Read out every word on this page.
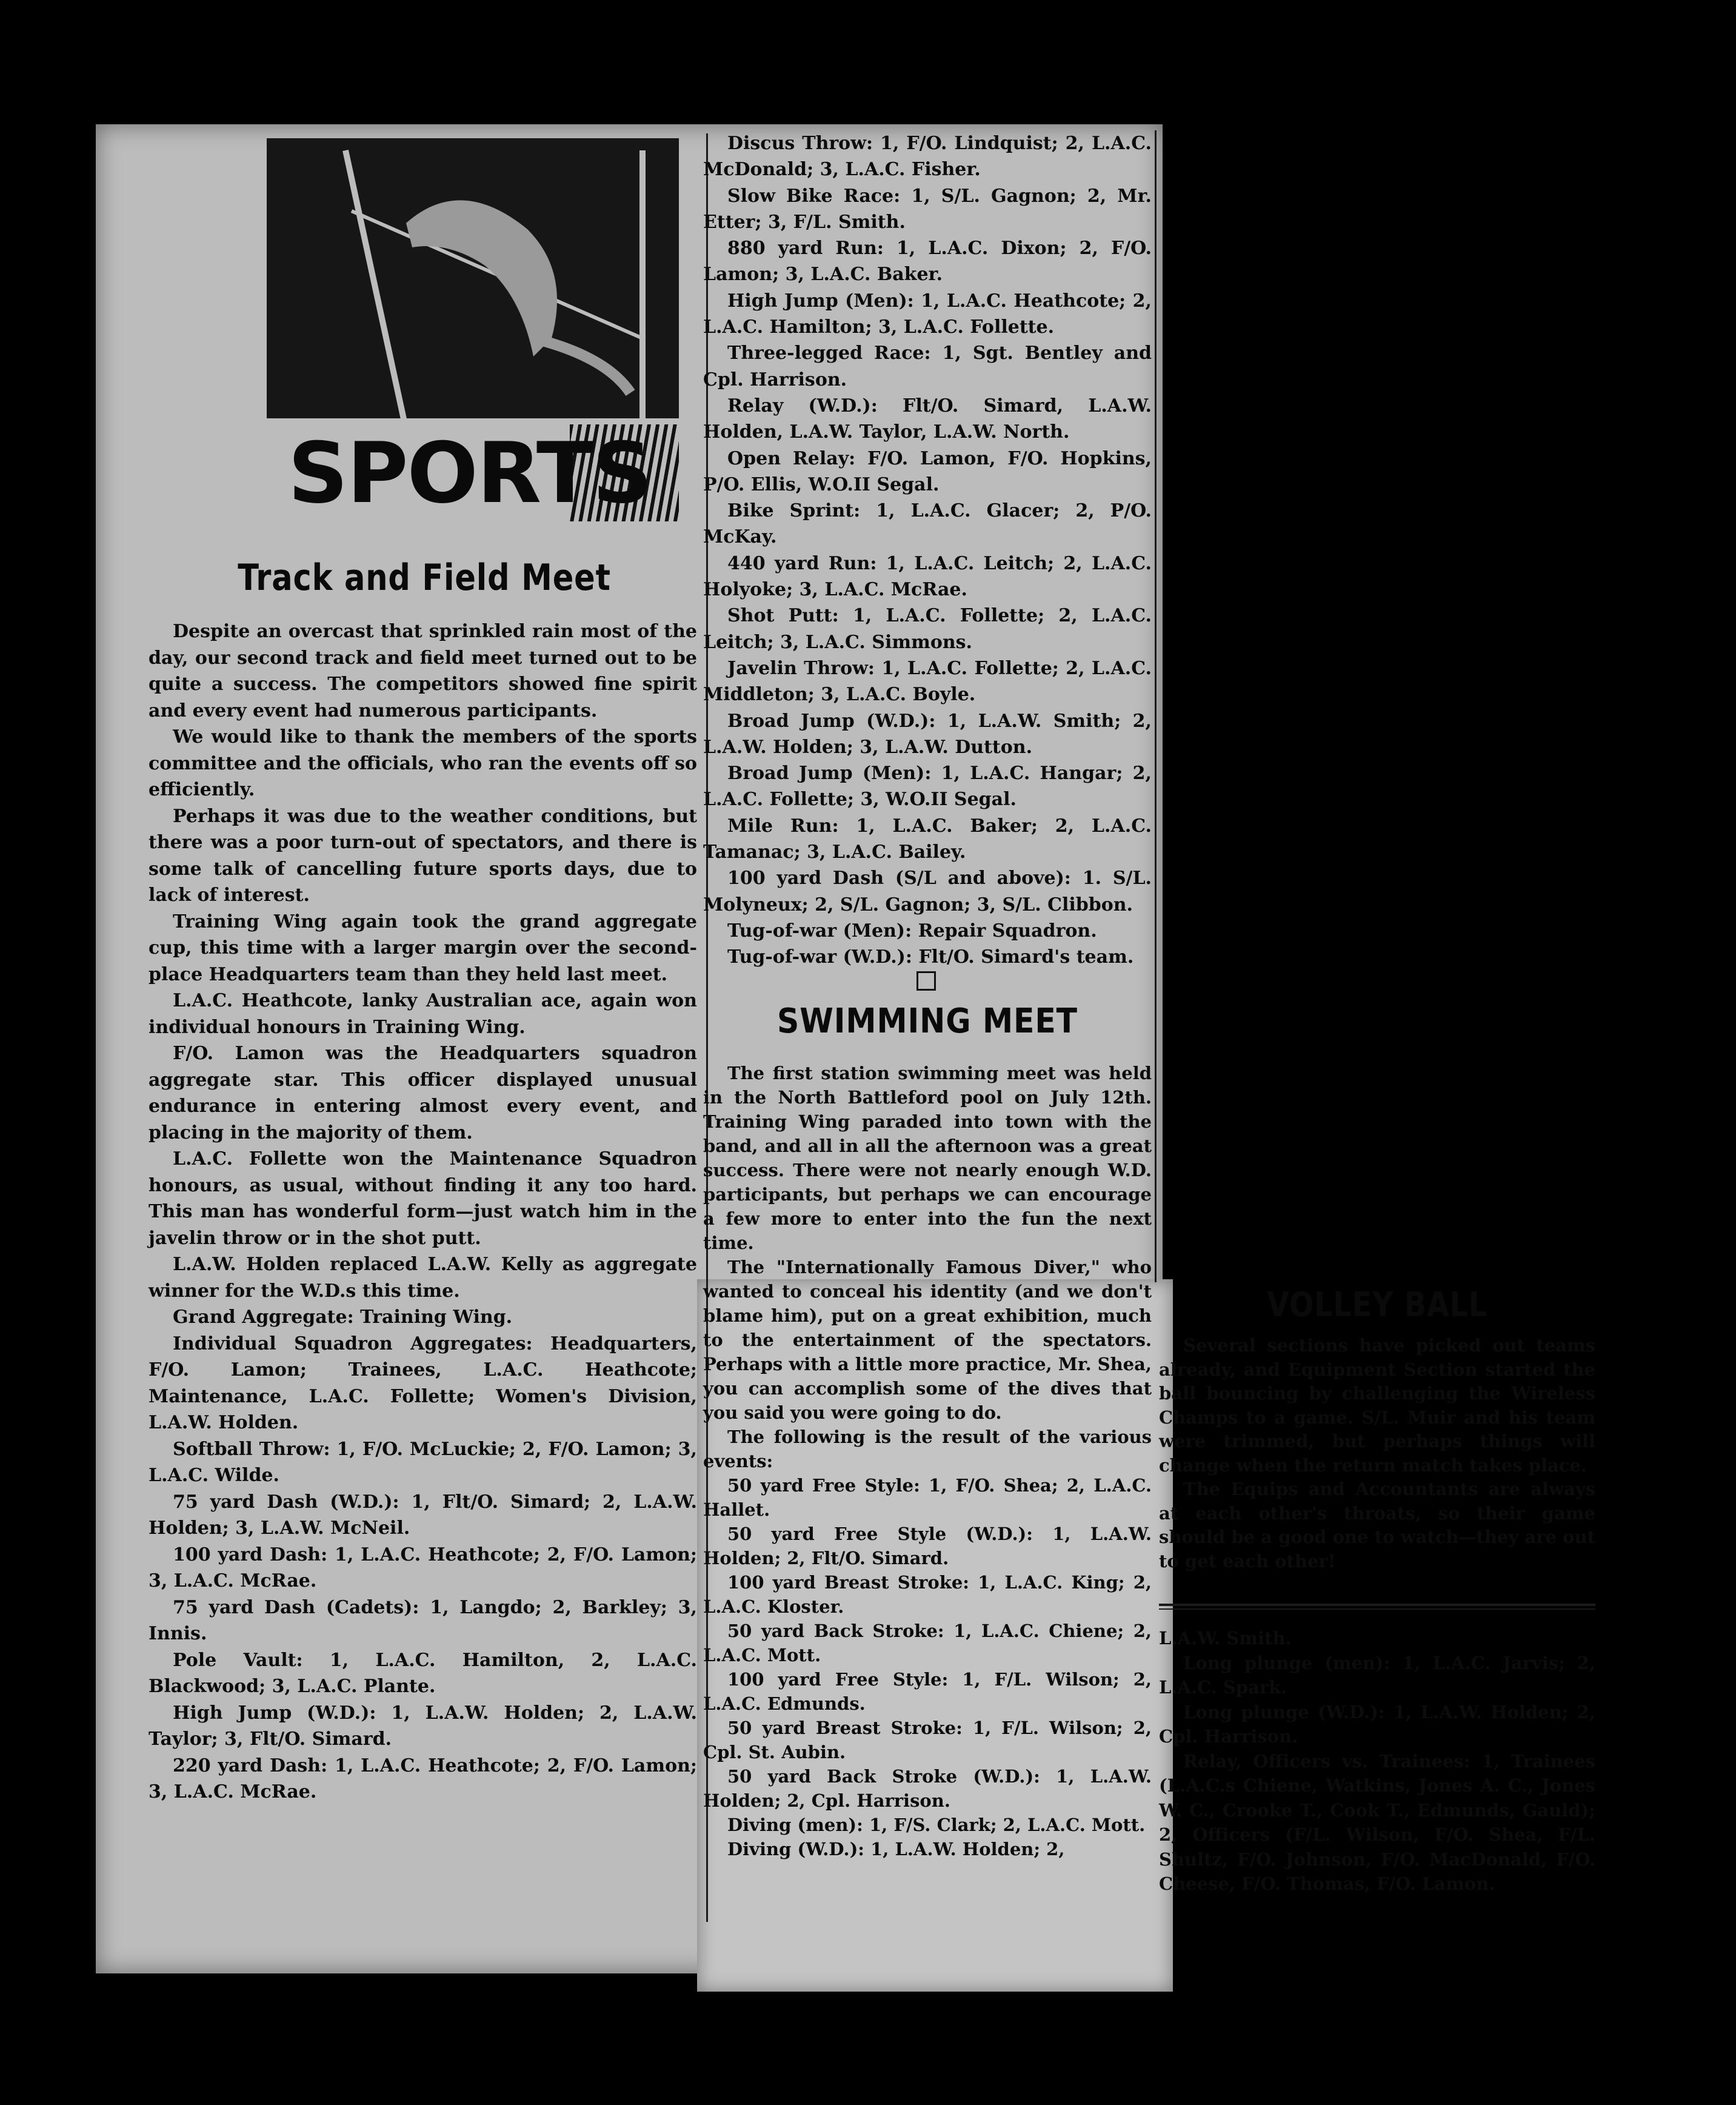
SPORTS
Track and Field Meet

Despite an overcast that sprinkled rain most of the day, our second track and field meet turned out to be quite a success. The competitors showed fine spirit and every event had numerous participants.

We would like to thank the members of the sports committee and the officials, who ran the events off so efficiently.

Perhaps it was due to the weather conditions, but there was a poor turn-out of spectators, and there is some talk of cancelling future sports days, due to lack of interest.

Training Wing again took the grand aggregate cup, this time with a larger margin over the second-place Headquarters team than they held last meet.

L.A.C. Heathcote, lanky Australian ace, again won individual honours in Training Wing.

F/O. Lamon was the Headquarters squadron aggregate star. This officer displayed unusual endurance in entering almost every event, and placing in the majority of them.

L.A.C. Follette won the Maintenance Squadron honours, as usual, without finding it any too hard. This man has wonderful form—just watch him in the javelin throw or in the shot putt.

L.A.W. Holden replaced L.A.W. Kelly as aggregate winner for the W.D.s this time.

Grand Aggregate: Training Wing.

Individual Squadron Aggregates: Headquarters, F/O. Lamon; Trainees, L.A.C. Heathcote; Maintenance, L.A.C. Follette; Women's Division, L.A.W. Holden.

Softball Throw: 1, F/O. McLuckie; 2, F/O. Lamon; 3, L.A.C. Wilde.

75 yard Dash (W.D.): 1, Flt/O. Simard; 2, L.A.W. Holden; 3, L.A.W. McNeil.

100 yard Dash: 1, L.A.C. Heathcote; 2, F/O. Lamon; 3, L.A.C. McRae.

75 yard Dash (Cadets): 1, Langdo; 2, Barkley; 3, Innis.

Pole Vault: 1, L.A.C. Hamilton, 2, L.A.C. Blackwood; 3, L.A.C. Plante.

High Jump (W.D.): 1, L.A.W. Holden; 2, L.A.W. Taylor; 3, Flt/O. Simard.

220 yard Dash: 1, L.A.C. Heathcote; 2, F/O. Lamon; 3, L.A.C. McRae.

Discus Throw: 1, F/O. Lindquist; 2, L.A.C. McDonald; 3, L.A.C. Fisher.

Slow Bike Race: 1, S/L. Gagnon; 2, Mr. Etter; 3, F/L. Smith.

880 yard Run: 1, L.A.C. Dixon; 2, F/O. Lamon; 3, L.A.C. Baker.

High Jump (Men): 1, L.A.C. Heathcote; 2, L.A.C. Hamilton; 3, L.A.C. Follette.

Three-legged Race: 1, Sgt. Bentley and Cpl. Harrison.

Relay (W.D.): Flt/O. Simard, L.A.W. Holden, L.A.W. Taylor, L.A.W. North.

Open Relay: F/O. Lamon, F/O. Hopkins, P/O. Ellis, W.O.II Segal.

Bike Sprint: 1, L.A.C. Glacer; 2, P/O. McKay.

440 yard Run: 1, L.A.C. Leitch; 2, L.A.C. Holyoke; 3, L.A.C. McRae.

Shot Putt: 1, L.A.C. Follette; 2, L.A.C. Leitch; 3, L.A.C. Simmons.

Javelin Throw: 1, L.A.C. Follette; 2, L.A.C. Middleton; 3, L.A.C. Boyle.

Broad Jump (W.D.): 1, L.A.W. Smith; 2, L.A.W. Holden; 3, L.A.W. Dutton.

Broad Jump (Men): 1, L.A.C. Hangar; 2, L.A.C. Follette; 3, W.O.II Segal.

Mile Run: 1, L.A.C. Baker; 2, L.A.C. Tamanac; 3, L.A.C. Bailey.

100 yard Dash (S/L and above): 1. S/L. Molyneux; 2, S/L. Gagnon; 3, S/L. Clibbon.

Tug-of-war (Men): Repair Squadron.

Tug-of-war (W.D.): Flt/O. Simard's team.

SWIMMING MEET

The first station swimming meet was held in the North Battleford pool on July 12th. Training Wing paraded into town with the band, and all in all the afternoon was a great success. There were not nearly enough W.D. participants, but perhaps we can encourage a few more to enter into the fun the next time.

The "Internationally Famous Diver," who wanted to conceal his identity (and we don't blame him), put on a great exhibition, much to the entertainment of the spectators. Perhaps with a little more practice, Mr. Shea, you can accomplish some of the dives that you said you were going to do.

The following is the result of the various events:

50 yard Free Style: 1, F/O. Shea; 2, L.A.C. Hallet.

50 yard Free Style (W.D.): 1, L.A.W. Holden; 2, Flt/O. Simard.

100 yard Breast Stroke: 1, L.A.C. King; 2, L.A.C. Kloster.

50 yard Back Stroke: 1, L.A.C. Chiene; 2, L.A.C. Mott.

100 yard Free Style: 1, F/L. Wilson; 2, L.A.C. Edmunds.

50 yard Breast Stroke: 1, F/L. Wilson; 2, Cpl. St. Aubin.

50 yard Back Stroke (W.D.): 1, L.A.W. Holden; 2, Cpl. Harrison.

Diving (men): 1, F/S. Clark; 2, L.A.C. Mott.

Diving (W.D.): 1, L.A.W. Holden; 2,

VOLLEY BALL

Several sections have picked out teams already, and Equipment Section started the ball bouncing by challenging the Wireless Champs to a game. S/L. Muir and his team were trimmed, but perhaps things will change when the return match takes place.

The Equips and Accountants are always at each other's throats, so their game should be a good one to watch—they are out to get each other!

L.A.W. Smith.

Long plunge (men): 1, L.A.C. Jarvis; 2, L.A.C. Spark.

Long plunge (W.D.): 1, L.A.W. Holden; 2, Cpl. Harrison.

Relay, Officers vs. Trainees: 1, Trainees (L.A.C.s Chiene, Watkins, Jones A. C., Jones W. C., Crooke T., Cook T., Edmunds, Gauld); 2, Officers (F/L. Wilson, F/O. Shea, F/L. Shultz, F/O. Johnson, F/O. MacDonald, F/O. Cheese, F/O. Thomas, F/O. Lamon.
